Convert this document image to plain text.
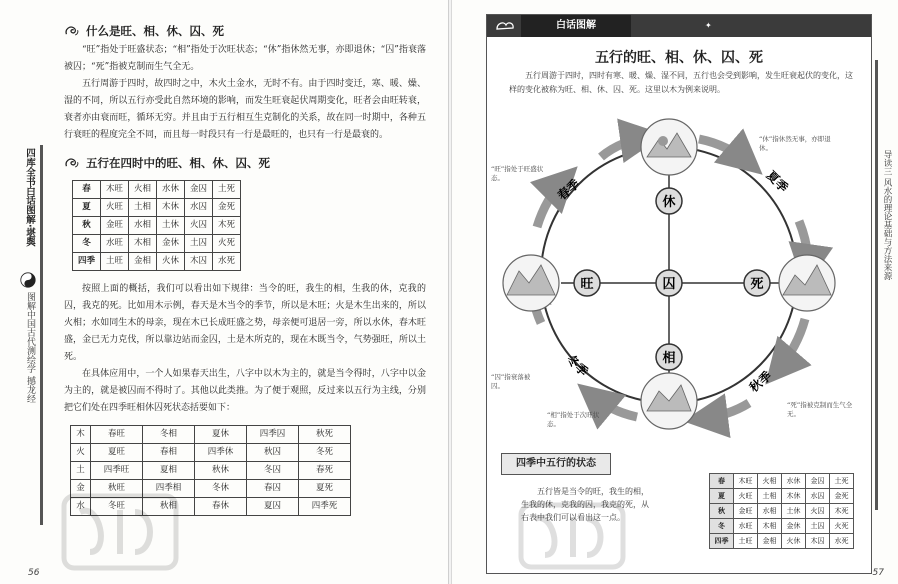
四库全书白话图解·堪舆
图解中国古代测绘学 撼龙经
什么是旺、相、休、囚、死

“旺”指处于旺盛状态；“相”指处于次旺状态；“休”指休然无事，亦即退休；“囚”指衰落被囚；“死”指被克制而生气全无。

五行周游于四时，故四时之中，木火土金水，无时不有。由于四时变迁，寒、暖、燥、湿的不同，所以五行亦受此自然环境的影响，而发生旺衰起伏周期变化，旺者会由旺转衰，衰者亦由衰而旺，循环无穷。并且由于五行相互生克制化的关系，故在同一时期中，各种五行衰旺的程度完全不同，而且每一时段只有一行是最旺的，也只有一行是最衰的。

五行在四时中的旺、相、休、囚、死
春	木旺	火相	水休	金囚	土死
夏	火旺	土相	木休	水囚	金死
秋	金旺	水相	土休	火囚	木死
冬	水旺	木相	金休	土囚	火死
四季	土旺	金相	火休	木囚	水死

按照上面的概括，我们可以看出如下规律：当令的旺，我生的相，生我的休，克我的囚，我克的死。比如用木示例，春天是木当令的季节，所以是木旺；火是木生出来的，所以火相；水如同生木的母亲，现在木已长成旺盛之势，母亲便可退居一旁，所以水休，春木旺盛，金已无力克伐，所以靠边站而金囚，土是木所克的，现在木既当令，气势强旺，所以土死。

在具体应用中，一个人如果春天出生，八字中以木为主的，就是当令得时，八字中以金为主的，就是被囚而不得时了。其他以此类推。为了便于观照，反过来以五行为主线，分别把它们处在四季旺相休囚死状态括要如下：

木	春旺	冬相	夏休	四季囚	秋死
火	夏旺	春相	四季休	秋囚	冬死
土	四季旺	夏相	秋休	冬囚	春死
金	秋旺	四季相	冬休	春囚	夏死
水	冬旺	秋相	春休	夏囚	四季死
56
白话图解	✦
五行的旺、相、休、囚、死
五行周游于四时，四时有寒、暖、燥、湿不同，五行也会受到影响，发生旺衰起伏的变化，这样的变化被称为旺、相、休、囚、死。这里以木为例来说明。
休
旺	囚	死
相
春季	夏季
秋季
冬季
“旺”指处于旺盛状态。
“休”指休然无事，亦即退休。
“囚”指衰落被囚。
“相”指处于次旺状态。
“死”指被克制而生气全无。
四季中五行的状态
五行皆是当令的旺，我生的相，生我的休，克我的囚，我克的死，从右表中我们可以看出这一点。
春	木旺	火相	水休	金囚	土死
夏	火旺	土相	木休	水囚	金死
秋	金旺	水相	土休	火囚	木死
冬	水旺	木相	金休	土囚	火死
四季	土旺	金相	火休	木囚	水死
导读三 风水的理论基础与方法来源
57
